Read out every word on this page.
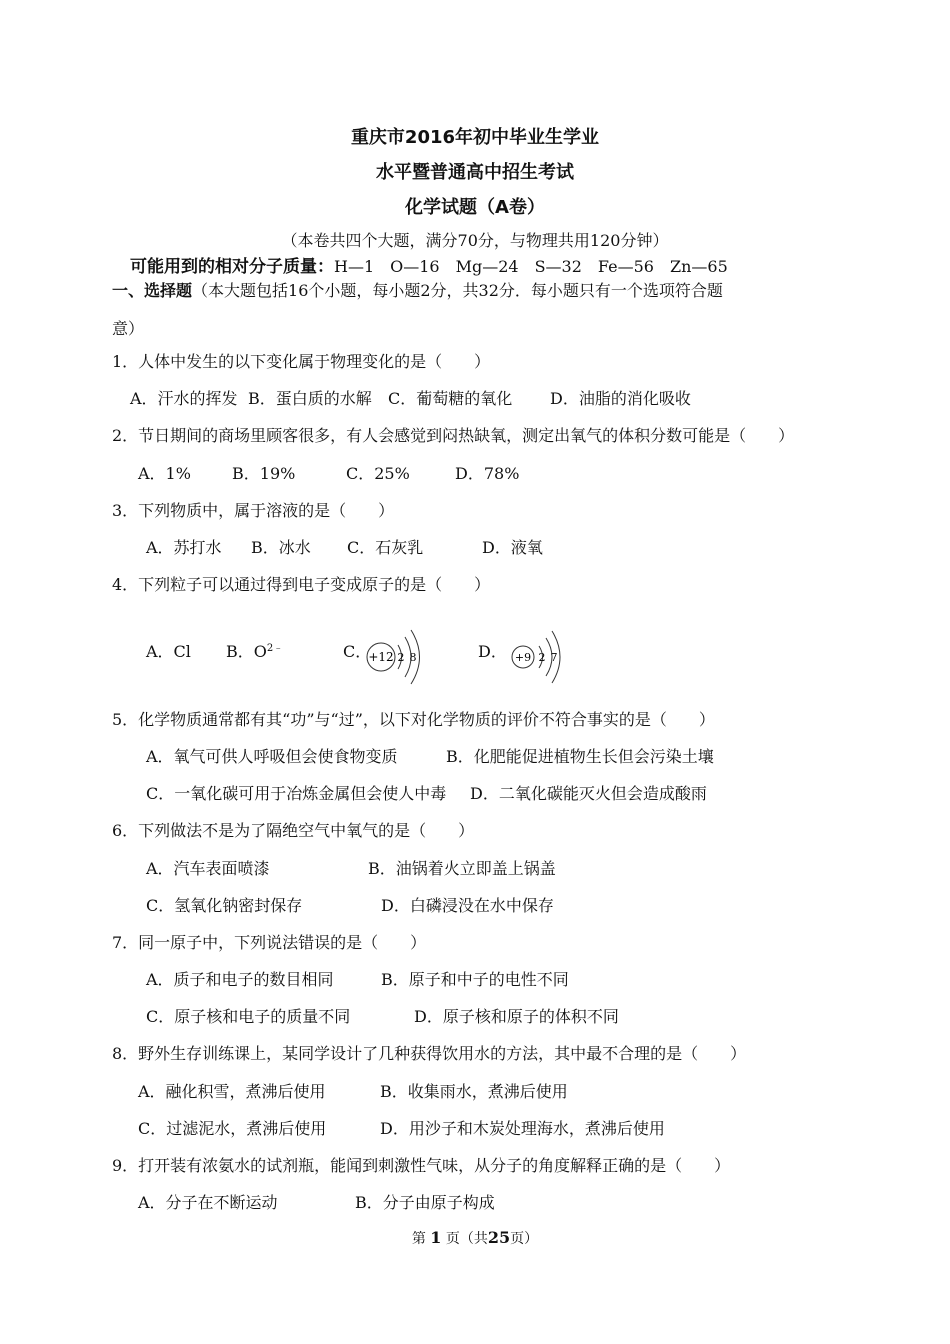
重庆市2016年初中毕业生学业
水平暨普通高中招生考试
化学试题（A卷）
（本卷共四个大题，满分70分，与物理共用120分钟）
可能用到的相对分子质量：H—1　O—16　Mg—24　S—32　Fe—56　Zn—65
一、选择题（本大题包括16个小题，每小题2分，共32分．每小题只有一个选项符合题
意）
1．人体中发生的以下变化属于物理变化的是（　　）
A．汗水的挥发 B．蛋白质的水解 C．葡萄糖的氧化 D．油脂的消化吸收
2．节日期间的商场里顾客很多，有人会感觉到闷热缺氧，测定出氧气的体积分数可能是（　　）
A．1%	B．19%	C．25%	D．78%
3．下列物质中，属于溶液的是（　　）
A．苏打水 B．冰水 C．石灰乳	D．液氧
4．下列粒子可以通过得到电子变成原子的是（　　）
A．Cl B．$O^{2﹣}$	C．
+12 2 8	D． +9 2 7
5．化学物质通常都有其“功”与“过”，以下对化学物质的评价不符合事实的是（　　）
A．氧气可供人呼吸但会使食物变质	B．化肥能促进植物生长但会污染土壤
C．一氧化碳可用于冶炼金属但会使人中毒 D．二氧化碳能灭火但会造成酸雨
6．下列做法不是为了隔绝空气中氧气的是（　　）
A．汽车表面喷漆	B．油锅着火立即盖上锅盖
C．氢氧化钠密封保存	D．白磷浸没在水中保存
7．同一原子中，下列说法错误的是（　　）
A．质子和电子的数目相同	B．原子和中子的电性不同
C．原子核和电子的质量不同	D．原子核和原子的体积不同
8．野外生存训练课上，某同学设计了几种获得饮用水的方法，其中最不合理的是（　　）
A．融化积雪，煮沸后使用	B．收集雨水，煮沸后使用
C．过滤泥水，煮沸后使用	D．用沙子和木炭处理海水，煮沸后使用
9．打开装有浓氨水的试剂瓶，能闻到刺激性气味，从分子的角度解释正确的是（　　）
A．分子在不断运动	B．分子由原子构成
第 1 页（共25页）
